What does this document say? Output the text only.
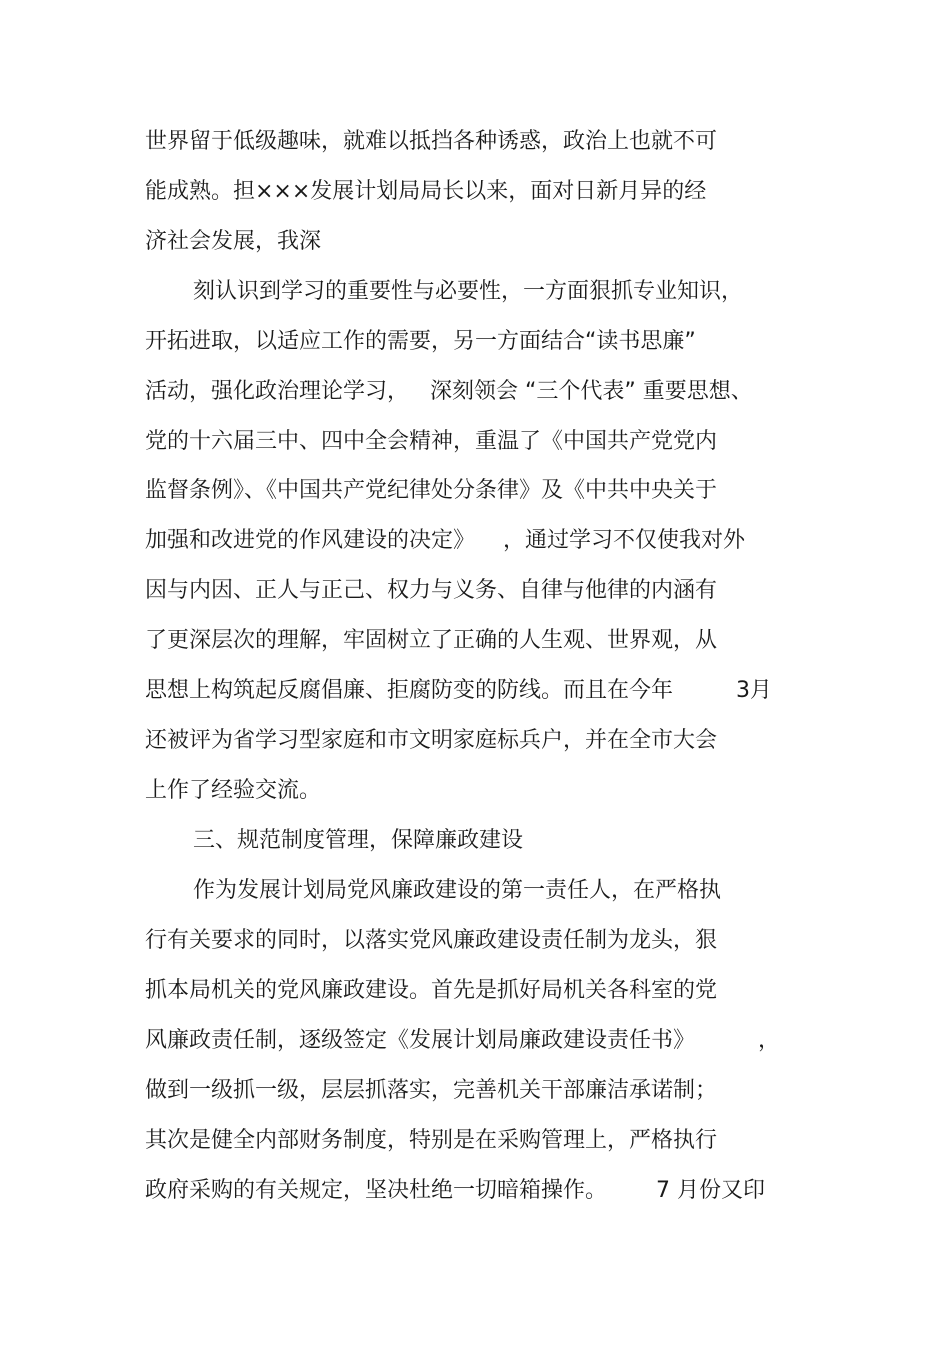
世界留于低级趣味，就难以抵挡各种诱惑，政治上也就不可
能成熟。担×××发展计划局局长以来，面对日新月异的经
济社会发展，我深
刻认识到学习的重要性与必要性，一方面狠抓专业知识，
开拓进取，以适应工作的需要，另一方面结合“读书思廉”
活动，强化政治理论学习，   深刻领会 “三个代表” 重要思想、
党的十六届三中、四中全会精神，重温了《中国共产党党内
监督条例》、《中国共产党纪律处分条律》及《中共中央关于
加强和改进党的作风建设的决定》    ，通过学习不仅使我对外
因与内因、正人与正己、权力与义务、自律与他律的内涵有
了更深层次的理解，牢固树立了正确的人生观、世界观，从
思想上构筑起反腐倡廉、拒腐防变的防线。而且在今年         3月
还被评为省学习型家庭和市文明家庭标兵户，并在全市大会
上作了经验交流。
三、规范制度管理，保障廉政建设
作为发展计划局党风廉政建设的第一责任人，在严格执
行有关要求的同时，以落实党风廉政建设责任制为龙头，狠
抓本局机关的党风廉政建设。首先是抓好局机关各科室的党
风廉政责任制，逐级签定《发展计划局廉政建设责任书》         ，
做到一级抓一级，层层抓落实，完善机关干部廉洁承诺制；
其次是健全内部财务制度，特别是在采购管理上，严格执行
政府采购的有关规定，坚决杜绝一切暗箱操作。       7 月份又印
